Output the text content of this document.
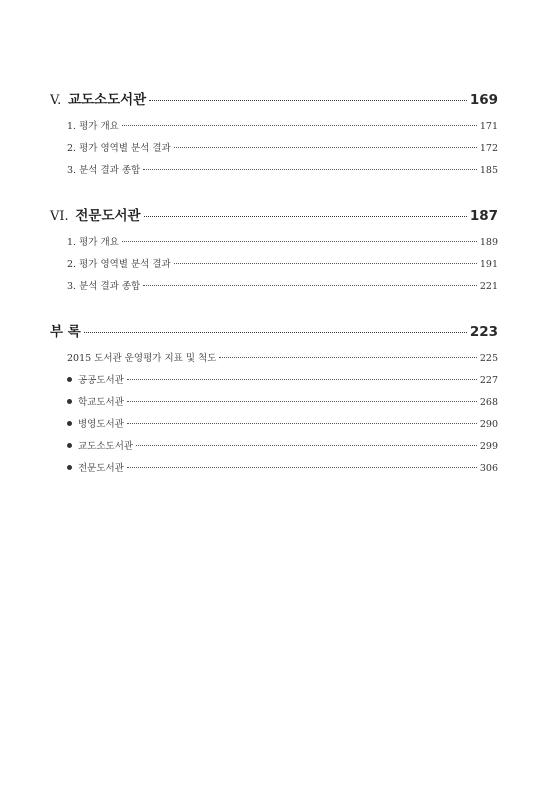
V. 교도소도서관	169
1. 평가 개요	171
2. 평가 영역별 분석 결과	172
3. 분석 결과 종합	185
VI. 전문도서관	187
1. 평가 개요	189
2. 평가 영역별 분석 결과	191
3. 분석 결과 종합	221
부 록	223
2015 도서관 운영평가 지표 및 척도	225
공공도서관	227
학교도서관	268
병영도서관	290
교도소도서관	299
전문도서관	306
